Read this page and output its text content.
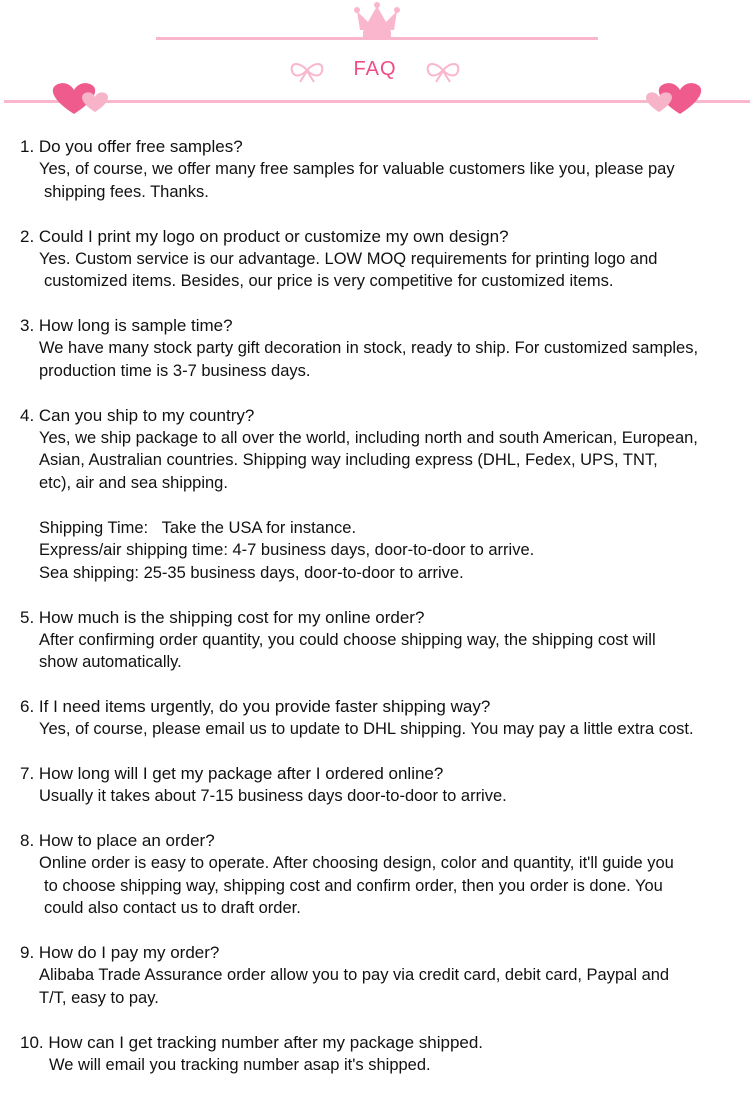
FAQ

1. Do you offer free samples?

Yes, of course, we offer many free samples for valuable customers like you, please pay

shipping fees. Thanks.

2. Could I print my logo on product or customize my own design?

Yes. Custom service is our advantage. LOW MOQ requirements for printing logo and

customized items. Besides, our price is very competitive for customized items.

3. How long is sample time?

We have many stock party gift decoration in stock, ready to ship. For customized samples,

production time is 3-7 business days.

4. Can you ship to my country?

Yes, we ship package to all over the world, including north and south American, European,

Asian, Australian countries. Shipping way including express (DHL, Fedex, UPS, TNT,

etc), air and sea shipping.

Shipping Time:   Take the USA for instance.

Express/air shipping time: 4-7 business days, door-to-door to arrive.

Sea shipping: 25-35 business days, door-to-door to arrive.

5. How much is the shipping cost for my online order?

After confirming order quantity, you could choose shipping way, the shipping cost will

show automatically.

6. If I need items urgently, do you provide faster shipping way?

Yes, of course, please email us to update to DHL shipping. You may pay a little extra cost.

7. How long will I get my package after I ordered online?

Usually it takes about 7-15 business days door-to-door to arrive.

8. How to place an order?

Online order is easy to operate. After choosing design, color and quantity, it'll guide you

to choose shipping way, shipping cost and confirm order, then you order is done. You

could also contact us to draft order.

9. How do I pay my order?

Alibaba Trade Assurance order allow you to pay via credit card, debit card, Paypal and

T/T, easy to pay.

10. How can I get tracking number after my package shipped.

We will email you tracking number asap it's shipped.
